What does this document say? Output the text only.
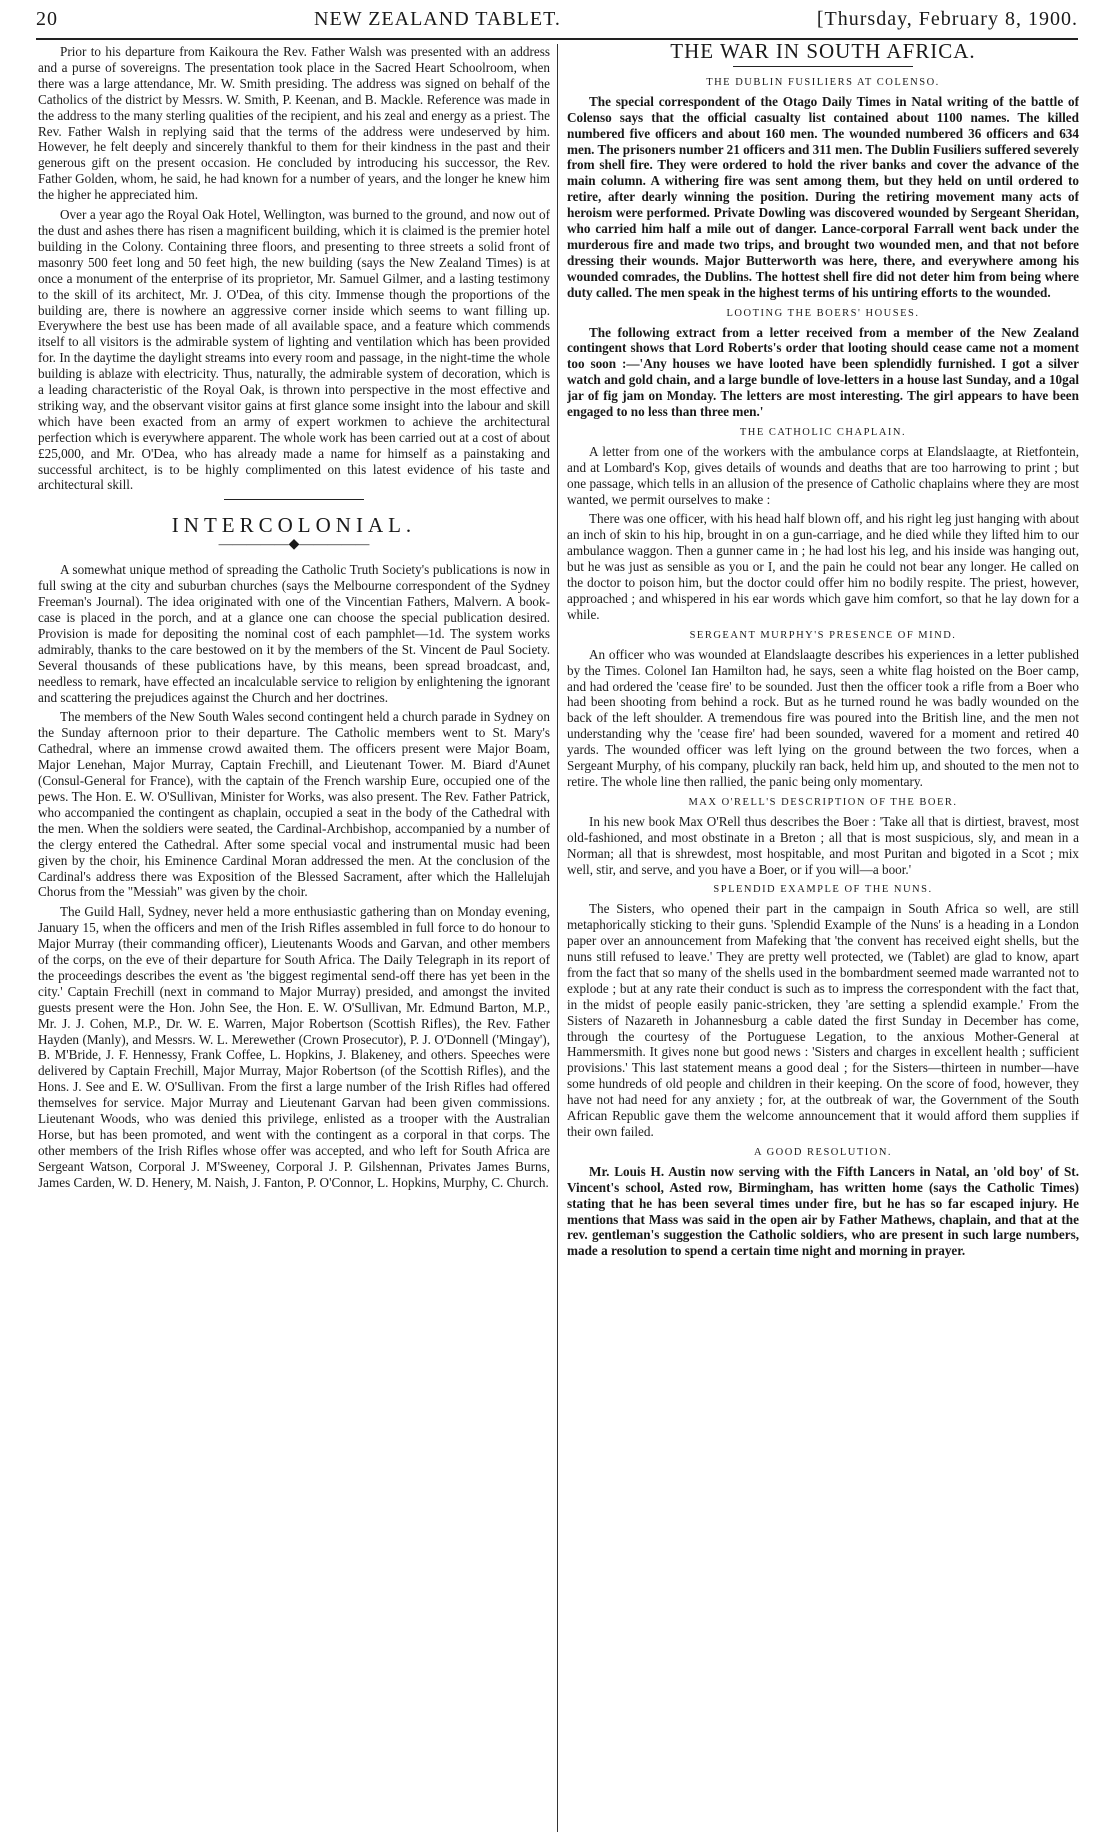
20	NEW ZEALAND TABLET.	[Thursday, February 8, 1900.

Prior to his departure from Kaikoura the Rev. Father Walsh was presented with an address and a purse of sovereigns. The presentation took place in the Sacred Heart Schoolroom, when there was a large attendance, Mr. W. Smith presiding. The address was signed on behalf of the Catholics of the district by Messrs. W. Smith, P. Keenan, and B. Mackle. Reference was made in the address to the many sterling qualities of the recipient, and his zeal and energy as a priest. The Rev. Father Walsh in replying said that the terms of the address were undeserved by him. However, he felt deeply and sincerely thankful to them for their kindness in the past and their generous gift on the present occasion. He concluded by introducing his successor, the Rev. Father Golden, whom, he said, he had known for a number of years, and the longer he knew him the higher he appreciated him.

Over a year ago the Royal Oak Hotel, Wellington, was burned to the ground, and now out of the dust and ashes there has risen a magnificent building, which it is claimed is the premier hotel building in the Colony. Containing three floors, and presenting to three streets a solid front of masonry 500 feet long and 50 feet high, the new building (says the New Zealand Times) is at once a monument of the enterprise of its proprietor, Mr. Samuel Gilmer, and a lasting testimony to the skill of its architect, Mr. J. O'Dea, of this city. Immense though the proportions of the building are, there is nowhere an aggressive corner inside which seems to want filling up. Everywhere the best use has been made of all available space, and a feature which commends itself to all visitors is the admirable system of lighting and ventilation which has been provided for. In the daytime the daylight streams into every room and passage, in the night-time the whole building is ablaze with electricity. Thus, naturally, the admirable system of decoration, which is a leading characteristic of the Royal Oak, is thrown into perspective in the most effective and striking way, and the observant visitor gains at first glance some insight into the labour and skill which have been exacted from an army of expert workmen to achieve the architectural perfection which is everywhere apparent. The whole work has been carried out at a cost of about £25,000, and Mr. O'Dea, who has already made a name for himself as a painstaking and successful architect, is to be highly complimented on this latest evidence of his taste and architectural skill.

INTERCOLONIAL.
—————◆—————

A somewhat unique method of spreading the Catholic Truth Society's publications is now in full swing at the city and suburban churches (says the Melbourne correspondent of the Sydney Freeman's Journal). The idea originated with one of the Vincentian Fathers, Malvern. A book-case is placed in the porch, and at a glance one can choose the special publication desired. Provision is made for depositing the nominal cost of each pamphlet—1d. The system works admirably, thanks to the care bestowed on it by the members of the St. Vincent de Paul Society. Several thousands of these publications have, by this means, been spread broadcast, and, needless to remark, have effected an incalculable service to religion by enlightening the ignorant and scattering the prejudices against the Church and her doctrines.

The members of the New South Wales second contingent held a church parade in Sydney on the Sunday afternoon prior to their departure. The Catholic members went to St. Mary's Cathedral, where an immense crowd awaited them. The officers present were Major Boam, Major Lenehan, Major Murray, Captain Frechill, and Lieutenant Tower. M. Biard d'Aunet (Consul-General for France), with the captain of the French warship Eure, occupied one of the pews. The Hon. E. W. O'Sullivan, Minister for Works, was also present. The Rev. Father Patrick, who accompanied the contingent as chaplain, occupied a seat in the body of the Cathedral with the men. When the soldiers were seated, the Cardinal-Archbishop, accompanied by a number of the clergy entered the Cathedral. After some special vocal and instrumental music had been given by the choir, his Eminence Cardinal Moran addressed the men. At the conclusion of the Cardinal's address there was Exposition of the Blessed Sacrament, after which the Hallelujah Chorus from the "Messiah" was given by the choir.

The Guild Hall, Sydney, never held a more enthusiastic gathering than on Monday evening, January 15, when the officers and men of the Irish Rifles assembled in full force to do honour to Major Murray (their commanding officer), Lieutenants Woods and Garvan, and other members of the corps, on the eve of their departure for South Africa. The Daily Telegraph in its report of the proceedings describes the event as 'the biggest regimental send-off there has yet been in the city.' Captain Frechill (next in command to Major Murray) presided, and amongst the invited guests present were the Hon. John See, the Hon. E. W. O'Sullivan, Mr. Edmund Barton, M.P., Mr. J. J. Cohen, M.P., Dr. W. E. Warren, Major Robertson (Scottish Rifles), the Rev. Father Hayden (Manly), and Messrs. W. L. Merewether (Crown Prosecutor), P. J. O'Donnell ('Mingay'), B. M'Bride, J. F. Hennessy, Frank Coffee, L. Hopkins, J. Blakeney, and others. Speeches were delivered by Captain Frechill, Major Murray, Major Robertson (of the Scottish Rifles), and the Hons. J. See and E. W. O'Sullivan. From the first a large number of the Irish Rifles had offered themselves for service. Major Murray and Lieutenant Garvan had been given commissions. Lieutenant Woods, who was denied this privilege, enlisted as a trooper with the Australian Horse, but has been promoted, and went with the contingent as a corporal in that corps. The other members of the Irish Rifles whose offer was accepted, and who left for South Africa are Sergeant Watson, Corporal J. M'Sweeney, Corporal J. P. Gilshennan, Privates James Burns, James Carden, W. D. Henery, M. Naish, J. Fanton, P. O'Connor, L. Hopkins, Murphy, C. Church.

THE WAR IN SOUTH AFRICA.
THE DUBLIN FUSILIERS AT COLENSO.

The special correspondent of the Otago Daily Times in Natal writing of the battle of Colenso says that the official casualty list contained about 1100 names. The killed numbered five officers and about 160 men. The wounded numbered 36 officers and 634 men. The prisoners number 21 officers and 311 men. The Dublin Fusiliers suffered severely from shell fire. They were ordered to hold the river banks and cover the advance of the main column. A withering fire was sent among them, but they held on until ordered to retire, after dearly winning the position. During the retiring movement many acts of heroism were performed. Private Dowling was discovered wounded by Sergeant Sheridan, who carried him half a mile out of danger. Lance-corporal Farrall went back under the murderous fire and made two trips, and brought two wounded men, and that not before dressing their wounds. Major Butterworth was here, there, and everywhere among his wounded comrades, the Dublins. The hottest shell fire did not deter him from being where duty called. The men speak in the highest terms of his untiring efforts to the wounded.

LOOTING THE BOERS' HOUSES.

The following extract from a letter received from a member of the New Zealand contingent shows that Lord Roberts's order that looting should cease came not a moment too soon :—'Any houses we have looted have been splendidly furnished. I got a silver watch and gold chain, and a large bundle of love-letters in a house last Sunday, and a 10gal jar of fig jam on Monday. The letters are most interesting. The girl appears to have been engaged to no less than three men.'

THE CATHOLIC CHAPLAIN.

A letter from one of the workers with the ambulance corps at Elandslaagte, at Rietfontein, and at Lombard's Kop, gives details of wounds and deaths that are too harrowing to print ; but one passage, which tells in an allusion of the presence of Catholic chaplains where they are most wanted, we permit ourselves to make :

There was one officer, with his head half blown off, and his right leg just hanging with about an inch of skin to his hip, brought in on a gun-carriage, and he died while they lifted him to our ambulance waggon. Then a gunner came in ; he had lost his leg, and his inside was hanging out, but he was just as sensible as you or I, and the pain he could not bear any longer. He called on the doctor to poison him, but the doctor could offer him no bodily respite. The priest, however, approached ; and whispered in his ear words which gave him comfort, so that he lay down for a while.

SERGEANT MURPHY'S PRESENCE OF MIND.

An officer who was wounded at Elandslaagte describes his experiences in a letter published by the Times. Colonel Ian Hamilton had, he says, seen a white flag hoisted on the Boer camp, and had ordered the 'cease fire' to be sounded. Just then the officer took a rifle from a Boer who had been shooting from behind a rock. But as he turned round he was badly wounded on the back of the left shoulder. A tremendous fire was poured into the British line, and the men not understanding why the 'cease fire' had been sounded, wavered for a moment and retired 40 yards. The wounded officer was left lying on the ground between the two forces, when a Sergeant Murphy, of his company, pluckily ran back, held him up, and shouted to the men not to retire. The whole line then rallied, the panic being only momentary.

MAX O'RELL'S DESCRIPTION OF THE BOER.

In his new book Max O'Rell thus describes the Boer : 'Take all that is dirtiest, bravest, most old-fashioned, and most obstinate in a Breton ; all that is most suspicious, sly, and mean in a Norman; all that is shrewdest, most hospitable, and most Puritan and bigoted in a Scot ; mix well, stir, and serve, and you have a Boer, or if you will—a boor.'

SPLENDID EXAMPLE OF THE NUNS.

The Sisters, who opened their part in the campaign in South Africa so well, are still metaphorically sticking to their guns. 'Splendid Example of the Nuns' is a heading in a London paper over an announcement from Mafeking that 'the convent has received eight shells, but the nuns still refused to leave.' They are pretty well protected, we (Tablet) are glad to know, apart from the fact that so many of the shells used in the bombardment seemed made warranted not to explode ; but at any rate their conduct is such as to impress the correspondent with the fact that, in the midst of people easily panic-stricken, they 'are setting a splendid example.' From the Sisters of Nazareth in Johannesburg a cable dated the first Sunday in December has come, through the courtesy of the Portuguese Legation, to the anxious Mother-General at Hammersmith. It gives none but good news : 'Sisters and charges in excellent health ; sufficient provisions.' This last statement means a good deal ; for the Sisters—thirteen in number—have some hundreds of old people and children in their keeping. On the score of food, however, they have not had need for any anxiety ; for, at the outbreak of war, the Government of the South African Republic gave them the welcome announcement that it would afford them supplies if their own failed.

A GOOD RESOLUTION.

Mr. Louis H. Austin now serving with the Fifth Lancers in Natal, an 'old boy' of St. Vincent's school, Asted row, Birmingham, has written home (says the Catholic Times) stating that he has been several times under fire, but he has so far escaped injury. He mentions that Mass was said in the open air by Father Mathews, chaplain, and that at the rev. gentleman's suggestion the Catholic soldiers, who are present in such large numbers, made a resolution to spend a certain time night and morning in prayer.
